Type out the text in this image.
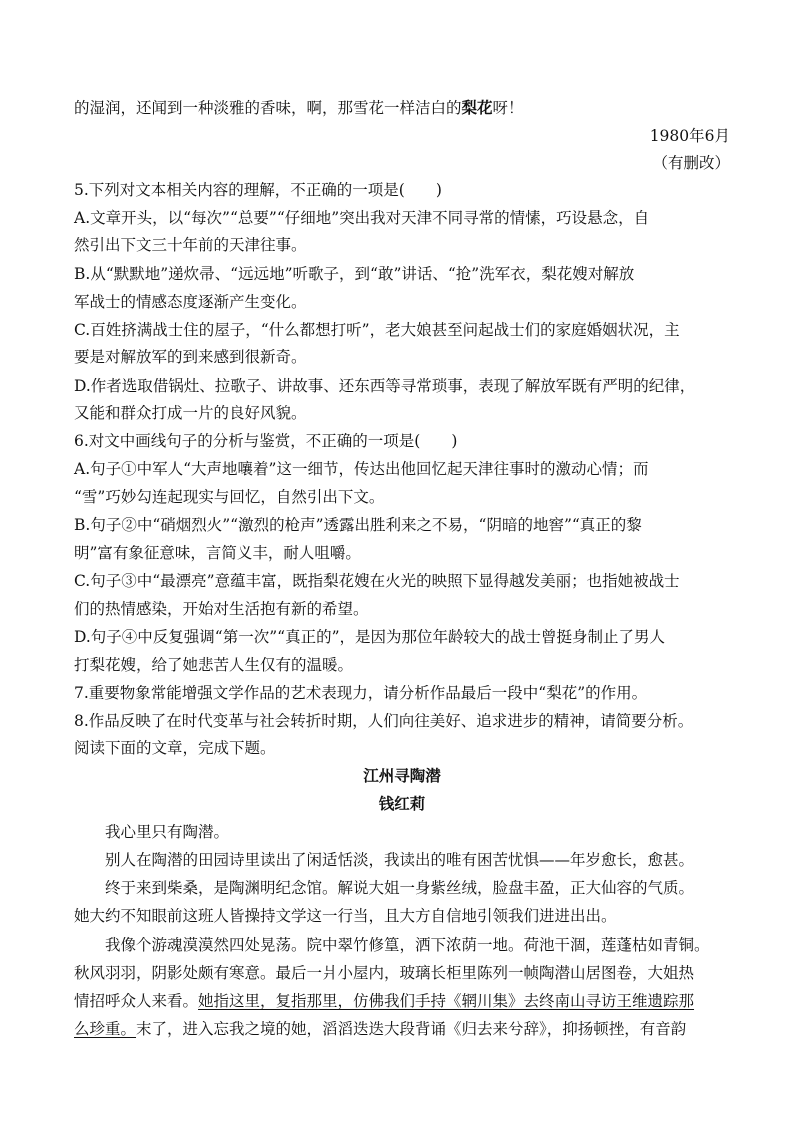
的湿润，还闻到一种淡雅的香味，啊，那雪花一样洁白的梨花呀！
1980年6月
（有删改）
5.下列对文本相关内容的理解，不正确的一项是(　　)
A.文章开头，以“每次”“总要”“仔细地”突出我对天津不同寻常的情愫，巧设悬念，自
然引出下文三十年前的天津往事。
B.从“默默地”递炊帚、“远远地”听歌子，到“敢”讲话、“抢”洗军衣，梨花嫂对解放
军战士的情感态度逐渐产生变化。
C.百姓挤满战士住的屋子，“什么都想打听”，老大娘甚至问起战士们的家庭婚姻状况，主
要是对解放军的到来感到很新奇。
D.作者选取借锅灶、拉歌子、讲故事、还东西等寻常琐事，表现了解放军既有严明的纪律，
又能和群众打成一片的良好风貌。
6.对文中画线句子的分析与鉴赏，不正确的一项是(　　)
A.句子①中军人“大声地嚷着”这一细节，传达出他回忆起天津往事时的激动心情；而
“雪”巧妙勾连起现实与回忆，自然引出下文。
B.句子②中“硝烟烈火”“激烈的枪声”透露出胜利来之不易，“阴暗的地窖”“真正的黎
明”富有象征意味，言简义丰，耐人咀嚼。
C.句子③中“最漂亮”意蕴丰富，既指梨花嫂在火光的映照下显得越发美丽；也指她被战士
们的热情感染，开始对生活抱有新的希望。
D.句子④中反复强调“第一次”“真正的”，是因为那位年龄较大的战士曾挺身制止了男人
打梨花嫂，给了她悲苦人生仅有的温暖。
7.重要物象常能增强文学作品的艺术表现力，请分析作品最后一段中“梨花”的作用。
8.作品反映了在时代变革与社会转折时期，人们向往美好、追求进步的精神，请简要分析。
阅读下面的文章，完成下题。
江州寻陶潜
钱红莉
我心里只有陶潜。
别人在陶潜的田园诗里读出了闲适恬淡，我读出的唯有困苦忧惧——年岁愈长，愈甚。
终于来到柴桑，是陶渊明纪念馆。解说大姐一身紫丝绒，脸盘丰盈，正大仙容的气质。
她大约不知眼前这班人皆操持文学这一行当，且大方自信地引领我们进进出出。
我像个游魂漠漠然四处晃荡。院中翠竹修篁，洒下浓荫一地。荷池干涸，莲蓬枯如青铜。
秋风羽羽，阴影处颇有寒意。最后一爿小屋内，玻璃长柜里陈列一帧陶潜山居图卷，大姐热
情招呼众人来看。她指这里，复指那里，仿佛我们手持《辋川集》去终南山寻访王维遗踪那
么珍重。末了，进入忘我之境的她，滔滔迭迭大段背诵《归去来兮辞》，抑扬顿挫，有音韵
